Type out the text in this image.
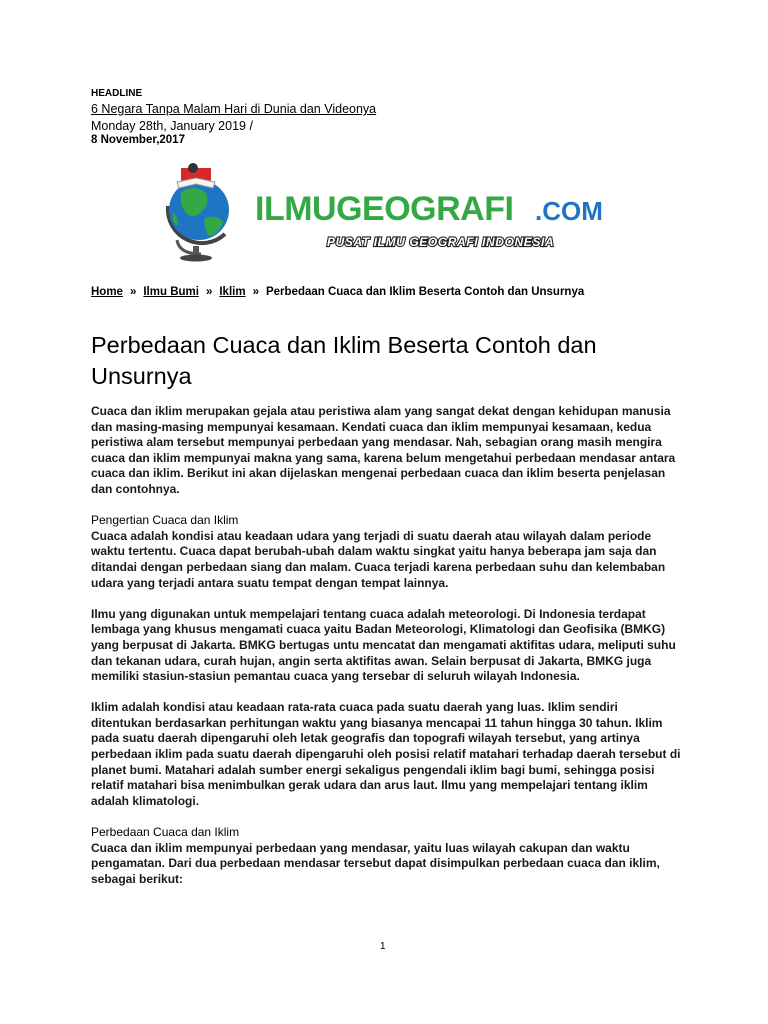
HEADLINE
6 Negara Tanpa Malam Hari di Dunia dan Videonya
Monday 28th, January 2019 /
8 November,2017
ILMUGEOGRAFI .COM
PUSAT ILMU GEOGRAFI INDONESIA
Home » Ilmu Bumi » Iklim » Perbedaan Cuaca dan Iklim Beserta Contoh dan Unsurnya
Perbedaan Cuaca dan Iklim Beserta Contoh dan Unsurnya

Cuaca dan iklim merupakan gejala atau peristiwa alam yang sangat dekat dengan kehidupan manusia dan masing-masing mempunyai kesamaan. Kendati cuaca dan iklim mempunyai kesamaan, kedua peristiwa alam tersebut mempunyai perbedaan yang mendasar. Nah, sebagian orang masih mengira cuaca dan iklim mempunyai makna yang sama, karena belum mengetahui perbedaan mendasar antara cuaca dan iklim. Berikut ini akan dijelaskan mengenai perbedaan cuaca dan iklim beserta penjelasan dan contohnya.

Pengertian Cuaca dan Iklim
Cuaca adalah kondisi atau keadaan udara yang terjadi di suatu daerah atau wilayah dalam periode waktu tertentu. Cuaca dapat berubah-ubah dalam waktu singkat yaitu hanya beberapa jam saja dan ditandai dengan perbedaan siang dan malam. Cuaca terjadi karena perbedaan suhu dan kelembaban udara yang terjadi antara suatu tempat dengan tempat lainnya.

Ilmu yang digunakan untuk mempelajari tentang cuaca adalah meteorologi. Di Indonesia terdapat lembaga yang khusus mengamati cuaca yaitu Badan Meteorologi, Klimatologi dan Geofisika (BMKG) yang berpusat di Jakarta. BMKG bertugas untu mencatat dan mengamati aktifitas udara, meliputi suhu dan tekanan udara, curah hujan, angin serta aktifitas awan. Selain berpusat di Jakarta, BMKG juga memiliki stasiun-stasiun pemantau cuaca yang tersebar di seluruh wilayah Indonesia.

Iklim adalah kondisi atau keadaan rata-rata cuaca pada suatu daerah yang luas. Iklim sendiri ditentukan berdasarkan perhitungan waktu yang biasanya mencapai 11 tahun hingga 30 tahun. Iklim pada suatu daerah dipengaruhi oleh letak geografis dan topografi wilayah tersebut, yang artinya perbedaan iklim pada suatu daerah dipengaruhi oleh posisi relatif matahari terhadap daerah tersebut di planet bumi. Matahari adalah sumber energi sekaligus pengendali iklim bagi bumi, sehingga posisi relatif matahari bisa menimbulkan gerak udara dan arus laut. Ilmu yang mempelajari tentang iklim adalah klimatologi.

Perbedaan Cuaca dan Iklim
Cuaca dan iklim mempunyai perbedaan yang mendasar, yaitu luas wilayah cakupan dan waktu pengamatan. Dari dua perbedaan mendasar tersebut dapat disimpulkan perbedaan cuaca dan iklim, sebagai berikut:

1
